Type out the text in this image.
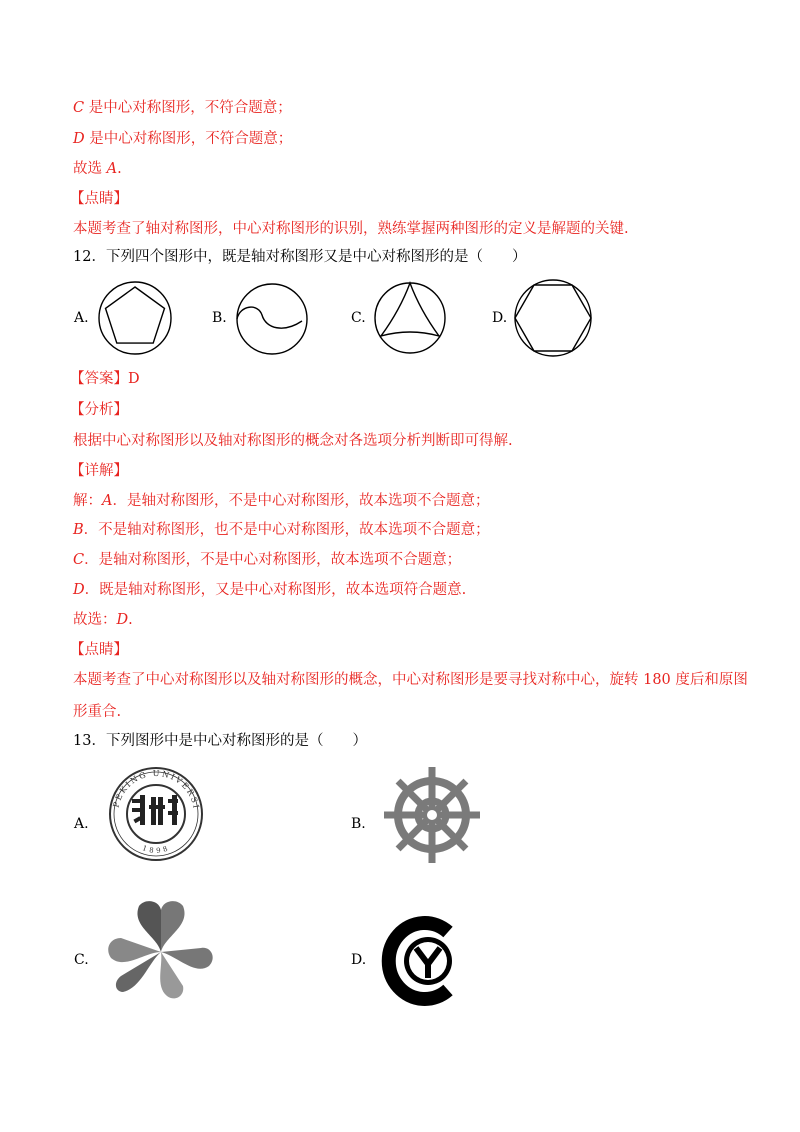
C 是中心对称图形，不符合题意；
D 是中心对称图形，不符合题意；
故选 A.
【点睛】
本题考查了轴对称图形，中心对称图形的识别，熟练掌握两种图形的定义是解题的关键.
12．下列四个图形中，既是轴对称图形又是中心对称图形的是（　　）
A.	B.	C.	D.
【答案】D
【分析】
根据中心对称图形以及轴对称图形的概念对各选项分析判断即可得解.
【详解】
解：A．是轴对称图形，不是中心对称图形，故本选项不合题意；
B．不是轴对称图形，也不是中心对称图形，故本选项不合题意；
C．是轴对称图形，不是中心对称图形，故本选项不合题意；
D．既是轴对称图形，又是中心对称图形，故本选项符合题意.
故选：D.
【点睛】
本题考查了中心对称图形以及轴对称图形的概念，中心对称图形是要寻找对称中心，旋转 180 度后和原图
形重合.
13．下列图形中是中心对称图形的是（　　）
A.
PEKING UNIVERSITY
1898
B.
C.	D.
